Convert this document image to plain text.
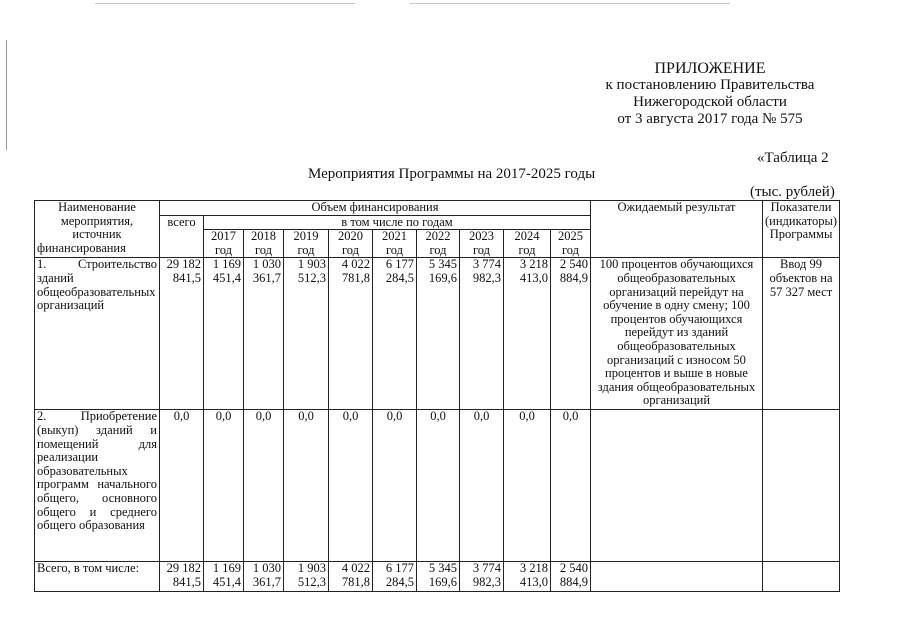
ПРИЛОЖЕНИЕ
к постановлению Правительства
Нижегородской области
от 3 августа 2017 года № 575
«Таблица 2
Мероприятия Программы на 2017-2025 годы
(тыс. рублей)
Наименование мероприятия, источник финансирования	Объем финансирования										Ожидаемый результат	Показатели (индикаторы) Программы
	всего	в том числе по годам										
		2017 год	2018 год	2019 год	2020 год	2021 год	2022 год	2023 год	2024 год	2025 год		
1. Строительство зданий общеобразовательных организаций	29 182 841,5	1 169 451,4	1 030 361,7	1 903 512,3	4 022 781,8	6 177 284,5	5 345 169,6	3 774 982,3	3 218 413,0	2 540 884,9	100 процентов обучающихся общеобразовательных организаций перейдут на обучение в одну смену; 100 процентов обучающихся перейдут из зданий общеобразовательных организаций с износом 50 процентов и выше в новые здания общеобразовательных организаций	Ввод 99 объектов на 57 327 мест
2. Приобретение (выкуп) зданий и помещений для реализации образовательных программ начального общего, основного общего и среднего общего образования	0,0	0,0	0,0	0,0	0,0	0,0	0,0	0,0	0,0	0,0		
Всего, в том числе:	29 182 841,5	1 169 451,4	1 030 361,7	1 903 512,3	4 022 781,8	6 177 284,5	5 345 169,6	3 774 982,3	3 218 413,0	2 540 884,9		
